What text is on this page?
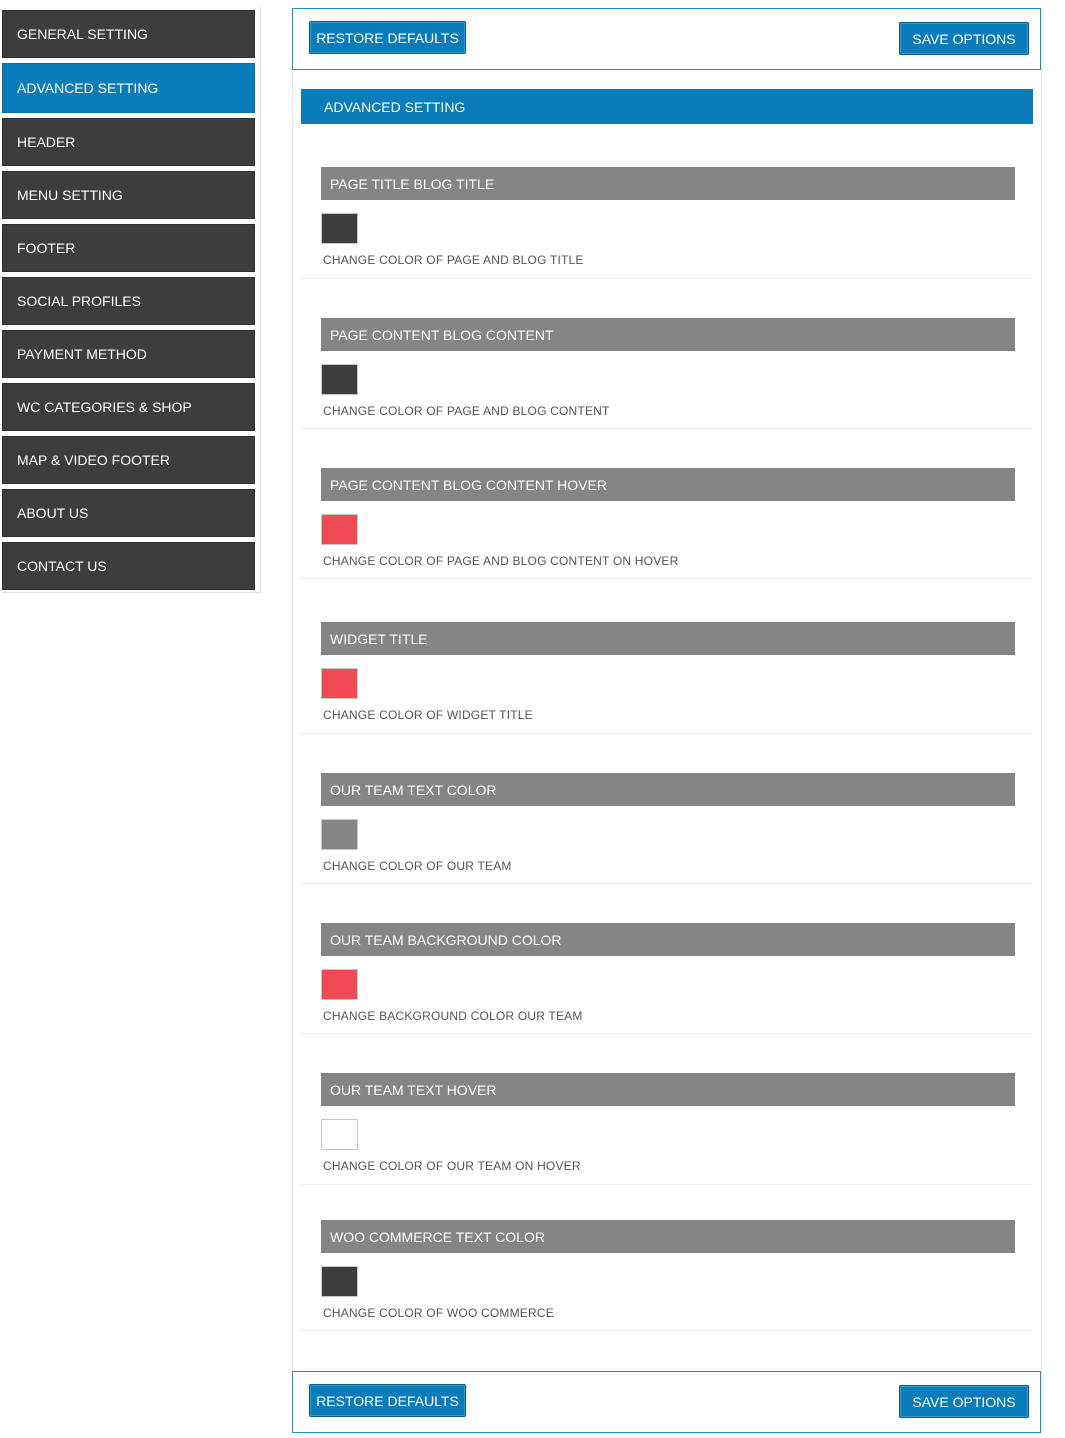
GENERAL SETTING
ADVANCED SETTING
HEADER
MENU SETTING
FOOTER
SOCIAL PROFILES
PAYMENT METHOD
WC CATEGORIES & SHOP
MAP & VIDEO FOOTER
ABOUT US
CONTACT US
RESTORE DEFAULTS	SAVE OPTIONS
ADVANCED SETTING
PAGE TITLE BLOG TITLE
CHANGE COLOR OF PAGE AND BLOG TITLE
PAGE CONTENT BLOG CONTENT
CHANGE COLOR OF PAGE AND BLOG CONTENT
PAGE CONTENT BLOG CONTENT HOVER
CHANGE COLOR OF PAGE AND BLOG CONTENT ON HOVER
WIDGET TITLE
CHANGE COLOR OF WIDGET TITLE
OUR TEAM TEXT COLOR
CHANGE COLOR OF OUR TEAM
OUR TEAM BACKGROUND COLOR
CHANGE BACKGROUND COLOR OUR TEAM
OUR TEAM TEXT HOVER
CHANGE COLOR OF OUR TEAM ON HOVER
WOO COMMERCE TEXT COLOR
CHANGE COLOR OF WOO COMMERCE
RESTORE DEFAULTS	SAVE OPTIONS
